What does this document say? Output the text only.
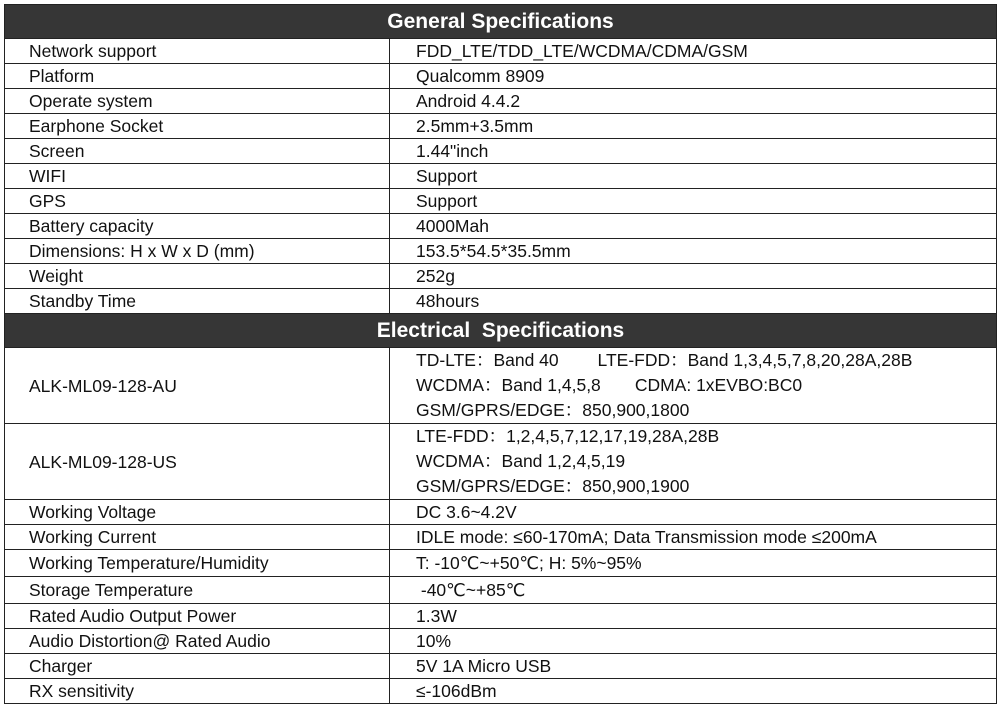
General Specifications	
Network support	FDD_LTE/TDD_LTE/WCDMA/CDMA/GSM
Platform	Qualcomm 8909
Operate system	Android 4.4.2
Earphone Socket	2.5mm+3.5mm
Screen	1.44"inch
WIFI	Support
GPS	Support
Battery capacity	4000Mah
Dimensions: H x W x D (mm)	153.5*54.5*35.5mm
Weight	252g
Standby Time	48hours
Electrical  Specifications	
ALK-ML09-128-AU	TD-LTE：Band 40        LTE-FDD：Band 1,3,4,5,7,8,20,28A,28B
WCDMA：Band 1,4,5,8       CDMA: 1xEVBO:BC0
GSM/GPRS/EDGE：850,900,1800

ALK-ML09-128-US	LTE-FDD：1,2,4,5,7,12,17,19,28A,28B
WCDMA：Band 1,2,4,5,19
GSM/GPRS/EDGE：850,900,1900

Working Voltage	DC 3.6~4.2V
Working Current	IDLE mode: ≤60-170mA; Data Transmission mode ≤200mA
Working Temperature/Humidity	T: -10℃~+50℃; H: 5%~95%
Storage Temperature	-40℃~+85℃
Rated Audio Output Power	1.3W
Audio Distortion@ Rated Audio	10%
Charger	5V 1A Micro USB
RX sensitivity	≤-106dBm
